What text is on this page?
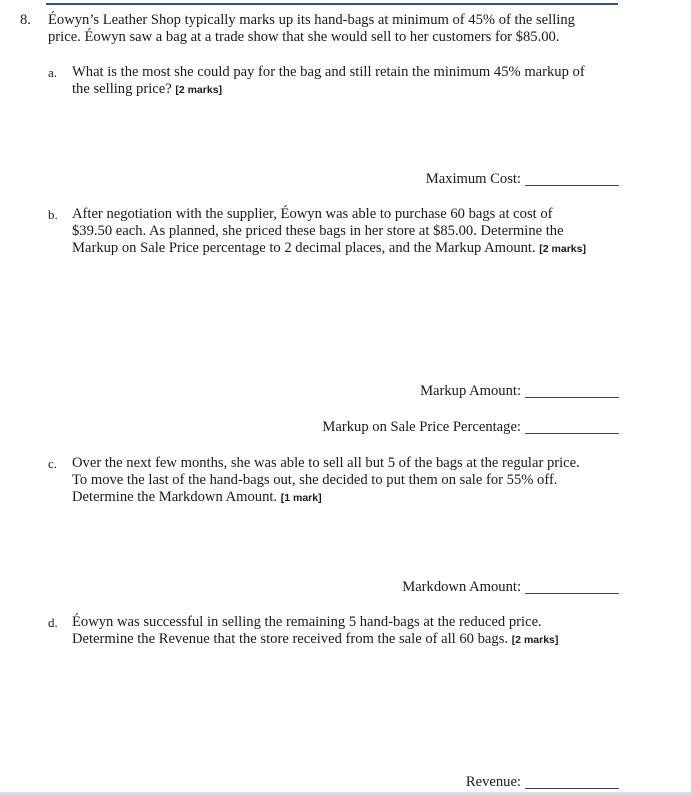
8. Éowyn’s Leather Shop typically marks up its hand-bags at minimum of 45% of the selling
price. Éowyn saw a bag at a trade show that she would sell to her customers for $85.00.
a. What is the most she could pay for the bag and still retain the minimum 45% markup of
the selling price? [2 marks]
Maximum Cost:
b. After negotiation with the supplier, Éowyn was able to purchase 60 bags at cost of
$39.50 each. As planned, she priced these bags in her store at $85.00. Determine the
Markup on Sale Price percentage to 2 decimal places, and the Markup Amount. [2 marks]
Markup Amount:
Markup on Sale Price Percentage:
c. Over the next few months, she was able to sell all but 5 of the bags at the regular price.
To move the last of the hand-bags out, she decided to put them on sale for 55% off.
Determine the Markdown Amount. [1 mark]
Markdown Amount:
d. Éowyn was successful in selling the remaining 5 hand-bags at the reduced price.
Determine the Revenue that the store received from the sale of all 60 bags. [2 marks]
Revenue:
